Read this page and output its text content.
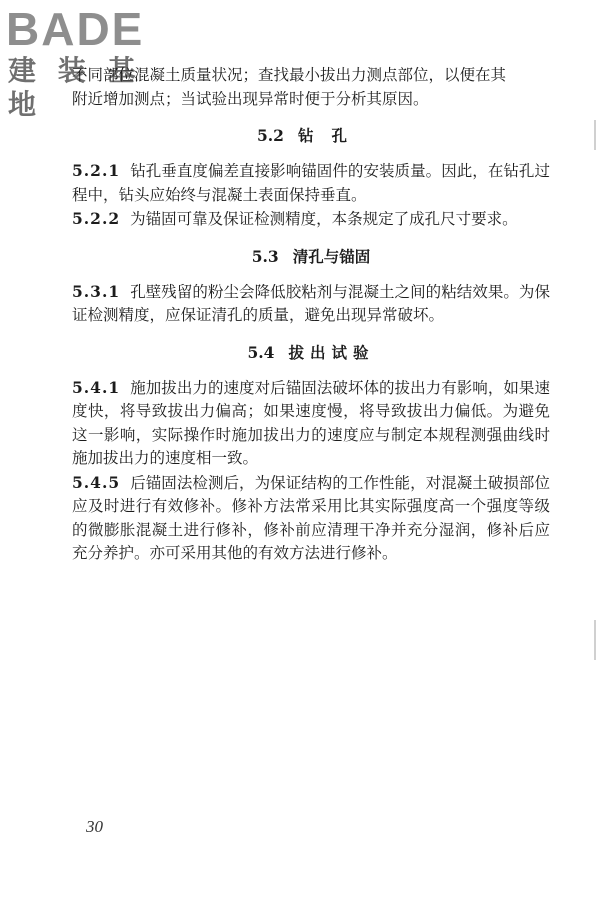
BADE
建 装 基 地

不同部位混凝土质量状况；查找最小拔出力测点部位，以便在其
附近增加测点；当试验出现异常时便于分析其原因。

5.2 钻孔

5.2.1 钻孔垂直度偏差直接影响锚固件的安装质量。因此，在钻孔过程中，钻头应始终与混凝土表面保持垂直。

5.2.2 为锚固可靠及保证检测精度，本条规定了成孔尺寸要求。

5.3 清孔与锚固

5.3.1 孔壁残留的粉尘会降低胶粘剂与混凝土之间的粘结效果。为保证检测精度，应保证清孔的质量，避免出现异常破坏。

5.4 拔出试验

5.4.1 施加拔出力的速度对后锚固法破坏体的拔出力有影响，如果速度快，将导致拔出力偏高；如果速度慢，将导致拔出力偏低。为避免这一影响，实际操作时施加拔出力的速度应与制定本规程测强曲线时施加拔出力的速度相一致。

5.4.5 后锚固法检测后，为保证结构的工作性能，对混凝土破损部位应及时进行有效修补。修补方法常采用比其实际强度高一个强度等级的微膨胀混凝土进行修补，修补前应清理干净并充分湿润，修补后应充分养护。亦可采用其他的有效方法进行修补。

30
